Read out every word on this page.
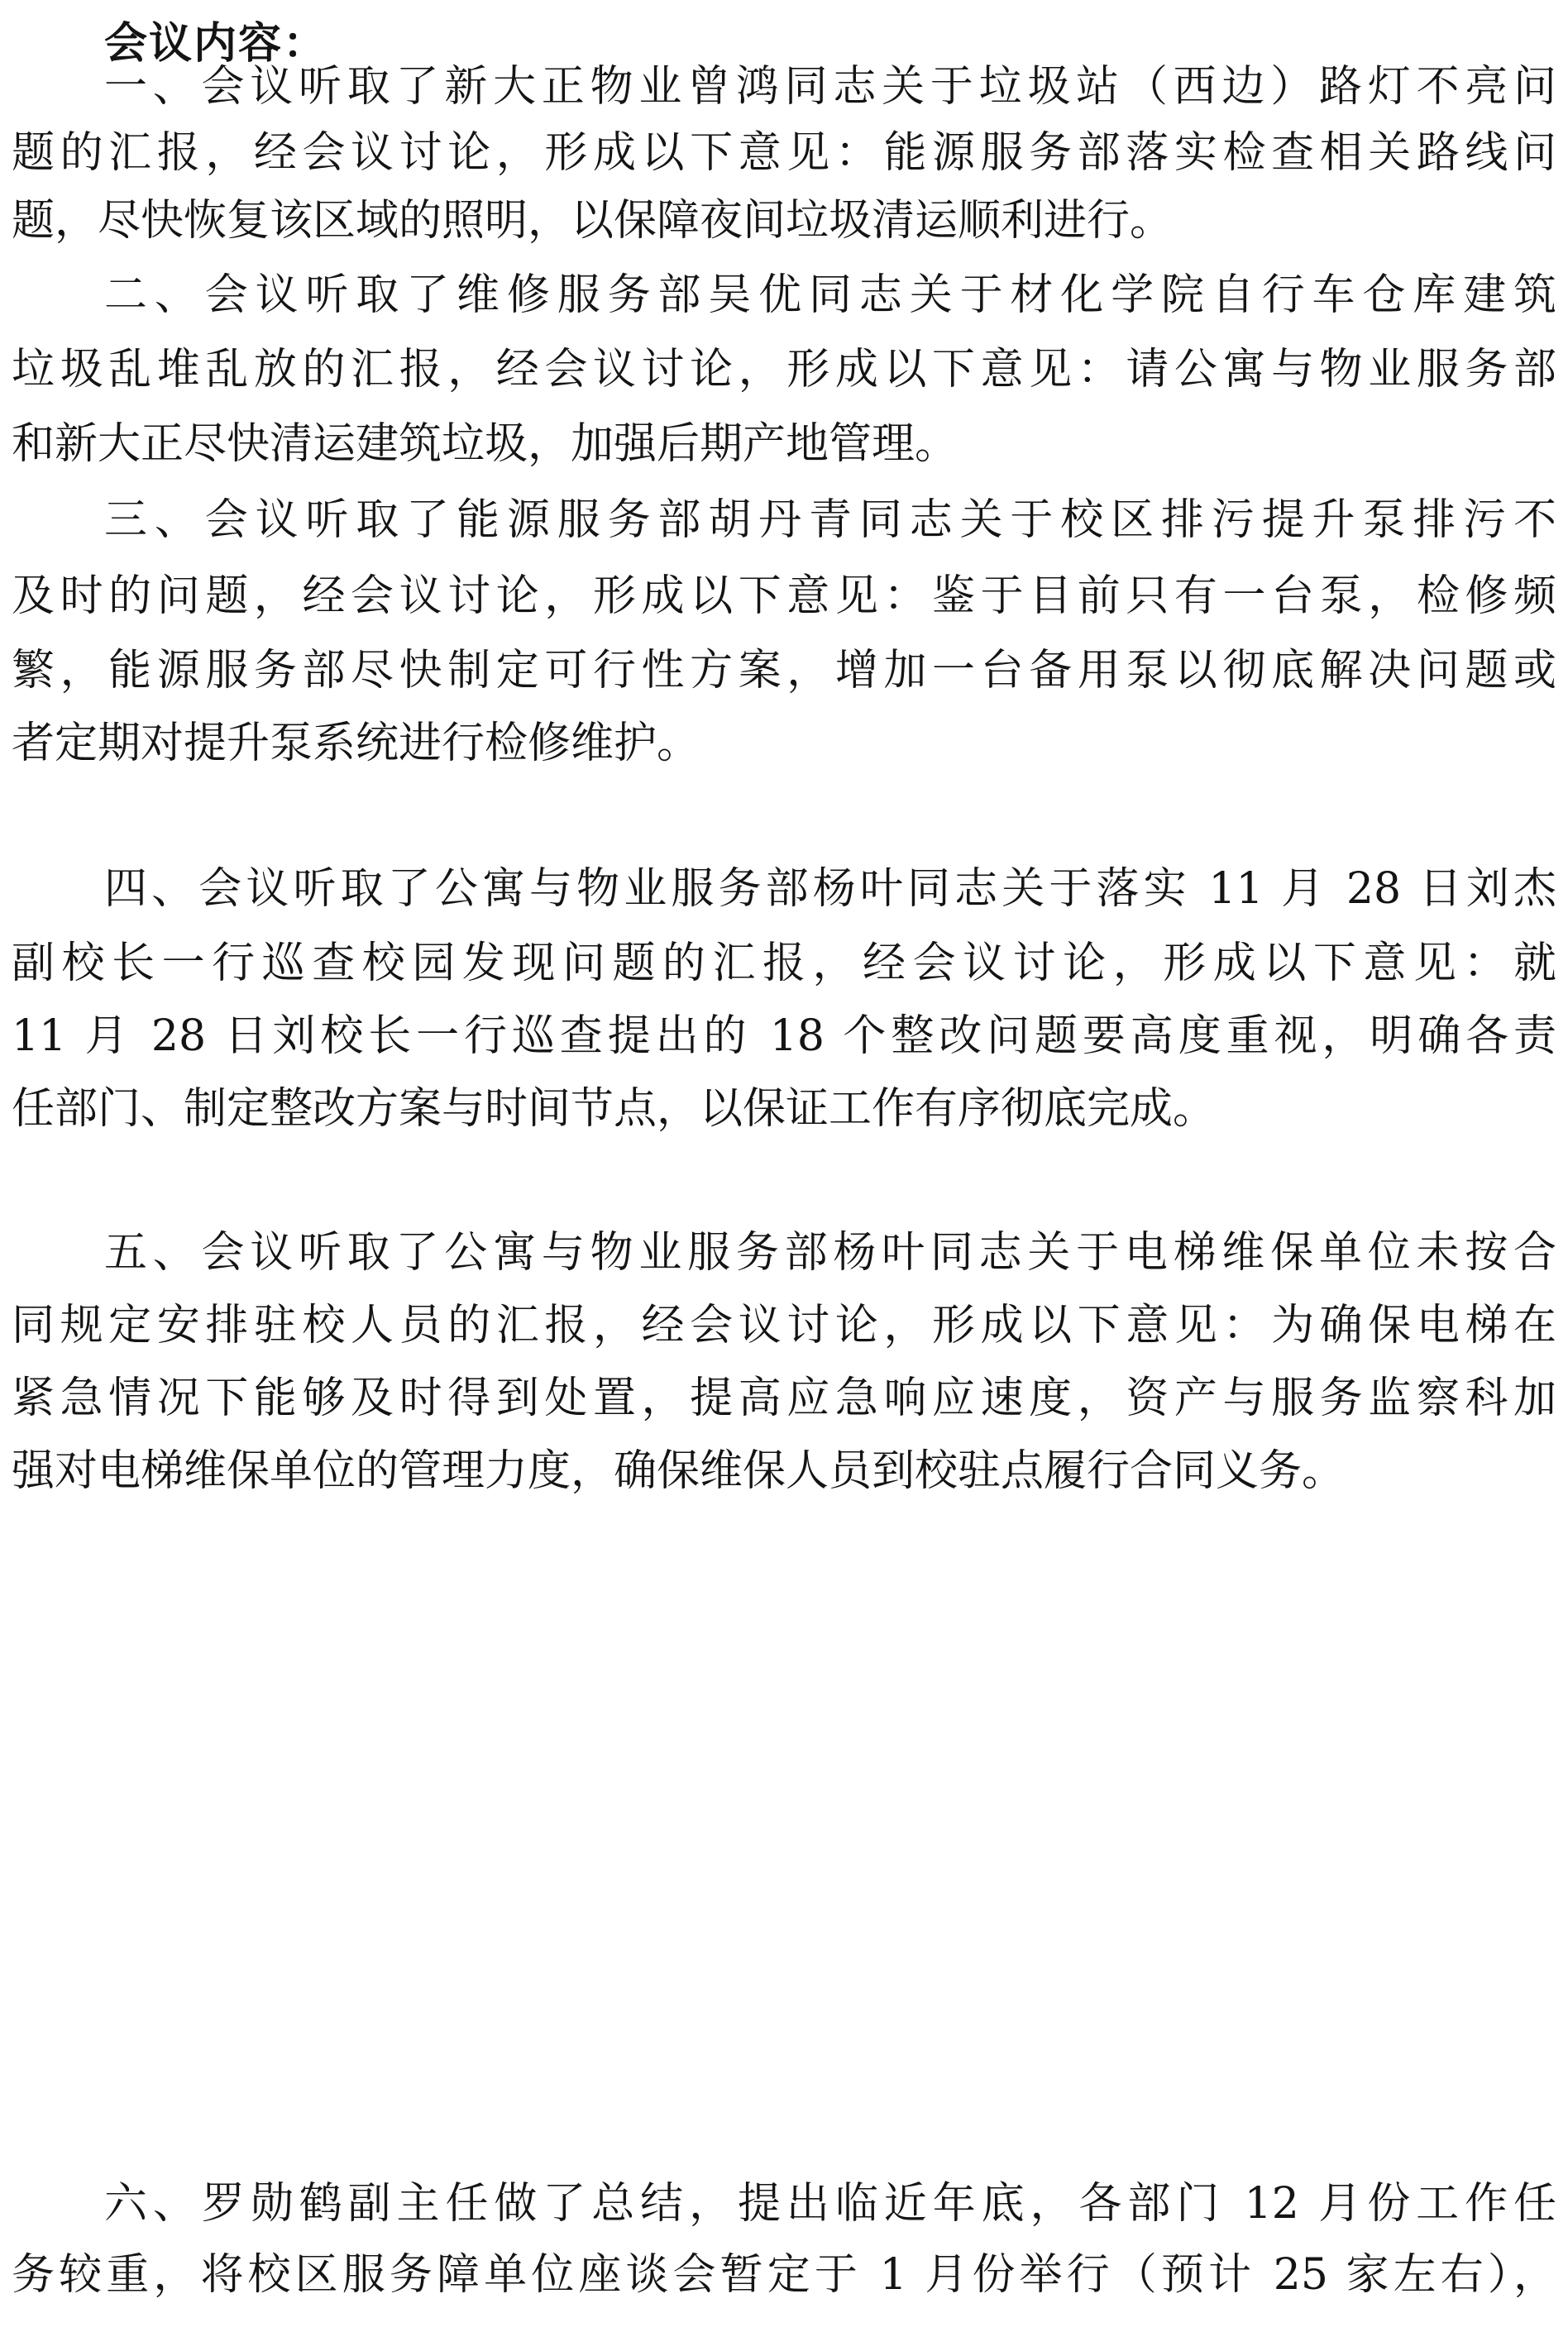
会议内容：
一、会议听取了新大正物业曾鸿同志关于垃圾站（西边）路灯不亮问
题的汇报，经会议讨论，形成以下意见：能源服务部落实检查相关路线问
题，尽快恢复该区域的照明，以保障夜间垃圾清运顺利进行。
二、会议听取了维修服务部吴优同志关于材化学院自行车仓库建筑
垃圾乱堆乱放的汇报，经会议讨论，形成以下意见：请公寓与物业服务部
和新大正尽快清运建筑垃圾，加强后期产地管理。
三、会议听取了能源服务部胡丹青同志关于校区排污提升泵排污不
及时的问题，经会议讨论，形成以下意见：鉴于目前只有一台泵，检修频
繁，能源服务部尽快制定可行性方案，增加一台备用泵以彻底解决问题或
者定期对提升泵系统进行检修维护。
四、会议听取了公寓与物业服务部杨叶同志关于落实 11 月 28 日刘杰
副校长一行巡查校园发现问题的汇报，经会议讨论，形成以下意见：就
11 月 28 日刘校长一行巡查提出的 18 个整改问题要高度重视，明确各责
任部门、制定整改方案与时间节点，以保证工作有序彻底完成。
五、会议听取了公寓与物业服务部杨叶同志关于电梯维保单位未按合
同规定安排驻校人员的汇报，经会议讨论，形成以下意见：为确保电梯在
紧急情况下能够及时得到处置，提高应急响应速度，资产与服务监察科加
强对电梯维保单位的管理力度，确保维保人员到校驻点履行合同义务。
六、罗勋鹤副主任做了总结，提出临近年底，各部门 12 月份工作任
务较重，将校区服务障单位座谈会暂定于 1 月份举行（预计 25 家左右），
